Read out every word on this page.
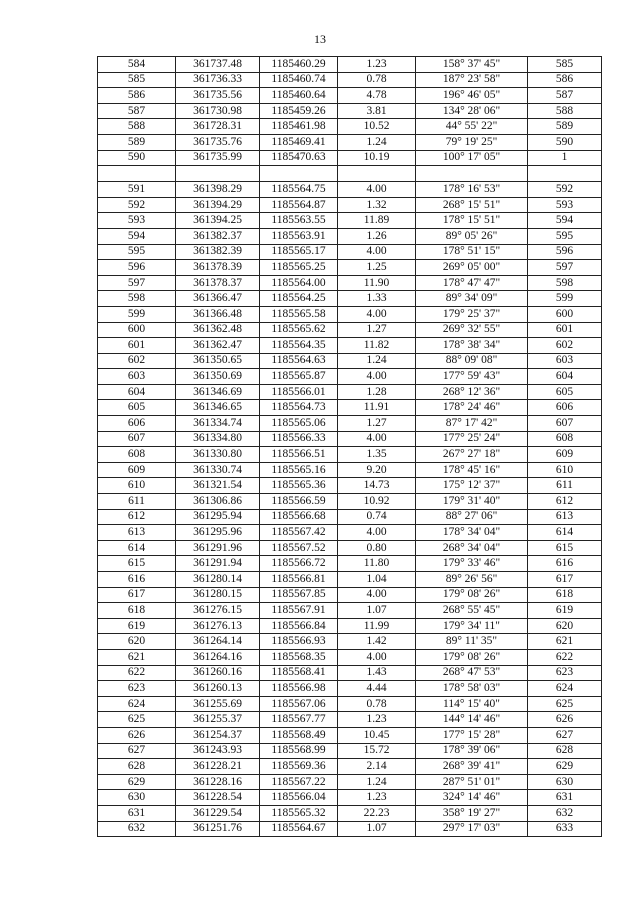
13
584	361737.48	1185460.29	1.23	158° 37' 45"	585
585	361736.33	1185460.74	0.78	187° 23' 58"	586
586	361735.56	1185460.64	4.78	196° 46' 05"	587
587	361730.98	1185459.26	3.81	134° 28' 06"	588
588	361728.31	1185461.98	10.52	44° 55' 22"	589
589	361735.76	1185469.41	1.24	79° 19' 25"	590
590	361735.99	1185470.63	10.19	100° 17' 05"	1

591	361398.29	1185564.75	4.00	178° 16' 53"	592
592	361394.29	1185564.87	1.32	268° 15' 51"	593
593	361394.25	1185563.55	11.89	178° 15' 51"	594
594	361382.37	1185563.91	1.26	89° 05' 26"	595
595	361382.39	1185565.17	4.00	178° 51' 15"	596
596	361378.39	1185565.25	1.25	269° 05' 00"	597
597	361378.37	1185564.00	11.90	178° 47' 47"	598
598	361366.47	1185564.25	1.33	89° 34' 09"	599
599	361366.48	1185565.58	4.00	179° 25' 37"	600
600	361362.48	1185565.62	1.27	269° 32' 55"	601
601	361362.47	1185564.35	11.82	178° 38' 34"	602
602	361350.65	1185564.63	1.24	88° 09' 08"	603
603	361350.69	1185565.87	4.00	177° 59' 43"	604
604	361346.69	1185566.01	1.28	268° 12' 36"	605
605	361346.65	1185564.73	11.91	178° 24' 46"	606
606	361334.74	1185565.06	1.27	87° 17' 42"	607
607	361334.80	1185566.33	4.00	177° 25' 24"	608
608	361330.80	1185566.51	1.35	267° 27' 18"	609
609	361330.74	1185565.16	9.20	178° 45' 16"	610
610	361321.54	1185565.36	14.73	175° 12' 37"	611
611	361306.86	1185566.59	10.92	179° 31' 40"	612
612	361295.94	1185566.68	0.74	88° 27' 06"	613
613	361295.96	1185567.42	4.00	178° 34' 04"	614
614	361291.96	1185567.52	0.80	268° 34' 04"	615
615	361291.94	1185566.72	11.80	179° 33' 46"	616
616	361280.14	1185566.81	1.04	89° 26' 56"	617
617	361280.15	1185567.85	4.00	179° 08' 26"	618
618	361276.15	1185567.91	1.07	268° 55' 45"	619
619	361276.13	1185566.84	11.99	179° 34' 11"	620
620	361264.14	1185566.93	1.42	89° 11' 35"	621
621	361264.16	1185568.35	4.00	179° 08' 26"	622
622	361260.16	1185568.41	1.43	268° 47' 53"	623
623	361260.13	1185566.98	4.44	178° 58' 03"	624
624	361255.69	1185567.06	0.78	114° 15' 40"	625
625	361255.37	1185567.77	1.23	144° 14' 46"	626
626	361254.37	1185568.49	10.45	177° 15' 28"	627
627	361243.93	1185568.99	15.72	178° 39' 06"	628
628	361228.21	1185569.36	2.14	268° 39' 41"	629
629	361228.16	1185567.22	1.24	287° 51' 01"	630
630	361228.54	1185566.04	1.23	324° 14' 46"	631
631	361229.54	1185565.32	22.23	358° 19' 27"	632
632	361251.76	1185564.67	1.07	297° 17' 03"	633
